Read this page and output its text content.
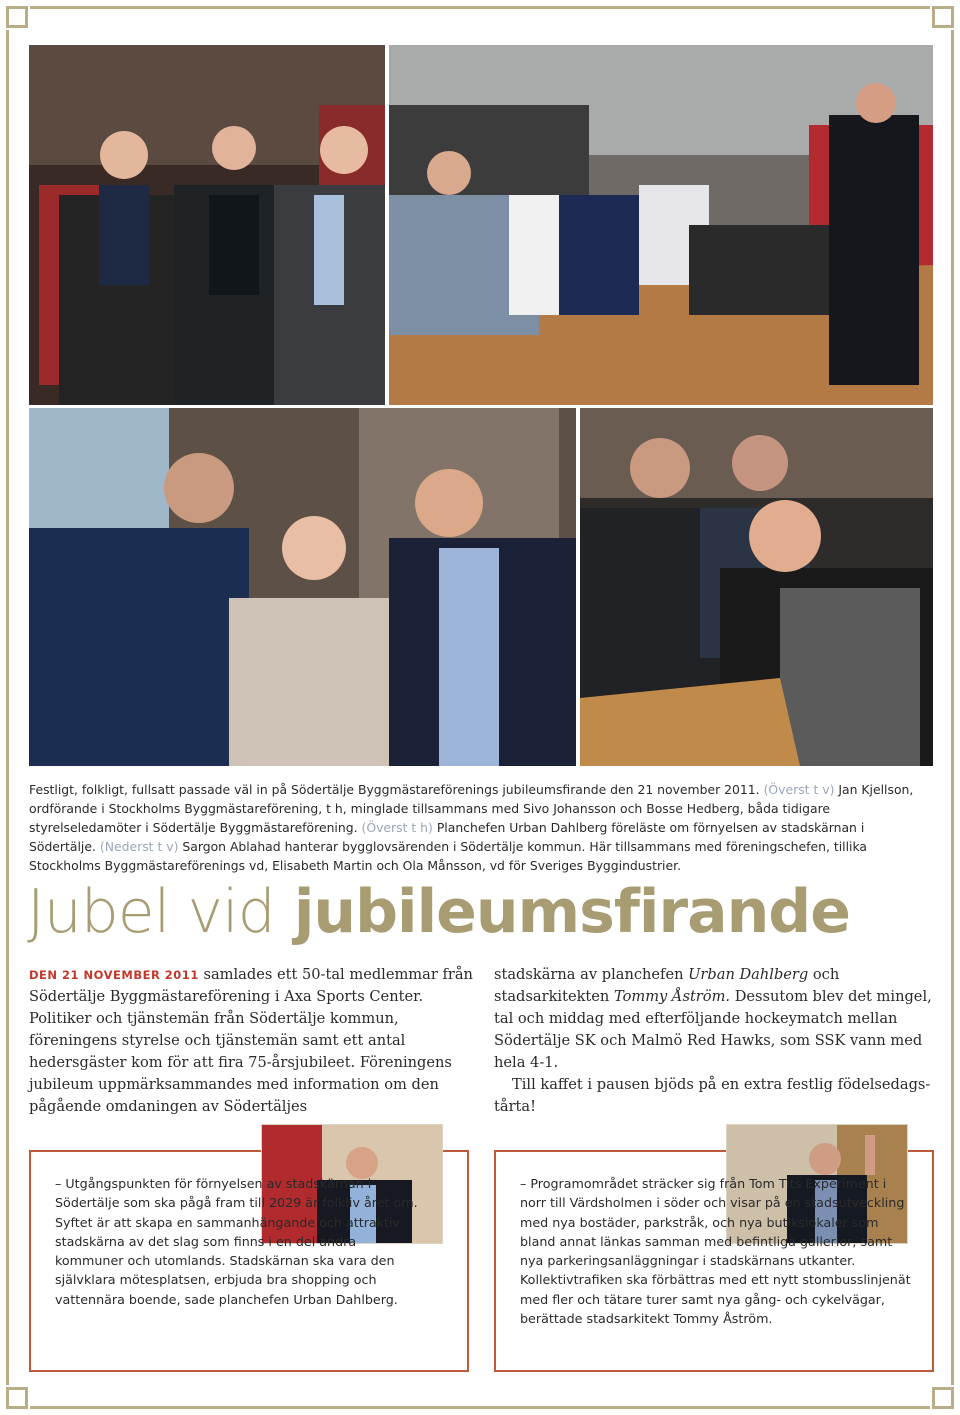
Festligt, folkligt, fullsatt passade väl in på Södertälje Byggmästareförenings jubileumsfirande den 21 november 2011. (Överst t v) Jan Kjellson, ordförande i Stockholms Byggmästareförening, t h, minglade tillsammans med Sivo Johansson och Bosse Hedberg, båda tidigare styrelseledamöter i Södertälje Byggmästareförening. (Överst t h) Planchefen Urban Dahlberg föreläste om förnyelsen av stadskärnan i Södertälje. (Nederst t v) Sargon Ablahad hanterar bygglovsärenden i Södertälje kommun. Här tillsammans med föreningschefen, tillika Stockholms Byggmästareförenings vd, Elisabeth Martin och Ola Månsson, vd för Sveriges Byggindustrier.
Jubel vid jubileumsfirande

DEN 21 NOVEMBER 2011 samlades ett 50-tal medlemmar från Södertälje Byggmästareförening i Axa Sports Center. Politiker och tjänstemän från Södertälje kommun, föreningens styrelse och tjänstemän samt ett antal hedersgäster kom för att fira 75-årsjubileet. Föreningens jubileum uppmärksammandes med information om den pågående omdaningen av Södertäljes

stadskärna av planchefen Urban Dahlberg och stadsarkitekten Tommy Åström. Dessutom blev det mingel, tal och middag med efterföljande hockeymatch mellan Södertälje SK och Malmö Red Hawks, som SSK vann med hela 4-1.

Till kaffet i pausen bjöds på en extra festlig födelsedagstårta!

– Utgångspunkten för förnyelsen av stadskärnan i Södertälje som ska pågå fram till 2029 är folkliv året om. Syftet är att skapa en sammanhängande och attraktiv stadskärna av det slag som finns i en del andra kommuner och utomlands. Stadskärnan ska vara den självklara mötesplatsen, erbjuda bra shopping och vattennära boende, sade planchefen Urban Dahlberg.
– Programområdet sträcker sig från Tom Tits Experiment i norr till Värdsholmen i söder och visar på en stadsutveckling med nya bostäder, parkstråk, och nya butikslokaler som bland annat länkas samman med befintliga gallerior, samt nya parkeringsanläggningar i stadskärnans utkanter. Kollektivtrafiken ska förbättras med ett nytt stombusslinjenät med fler och tätare turer samt nya gång- och cykelvägar, berättade stadsarkitekt Tommy Åström.
